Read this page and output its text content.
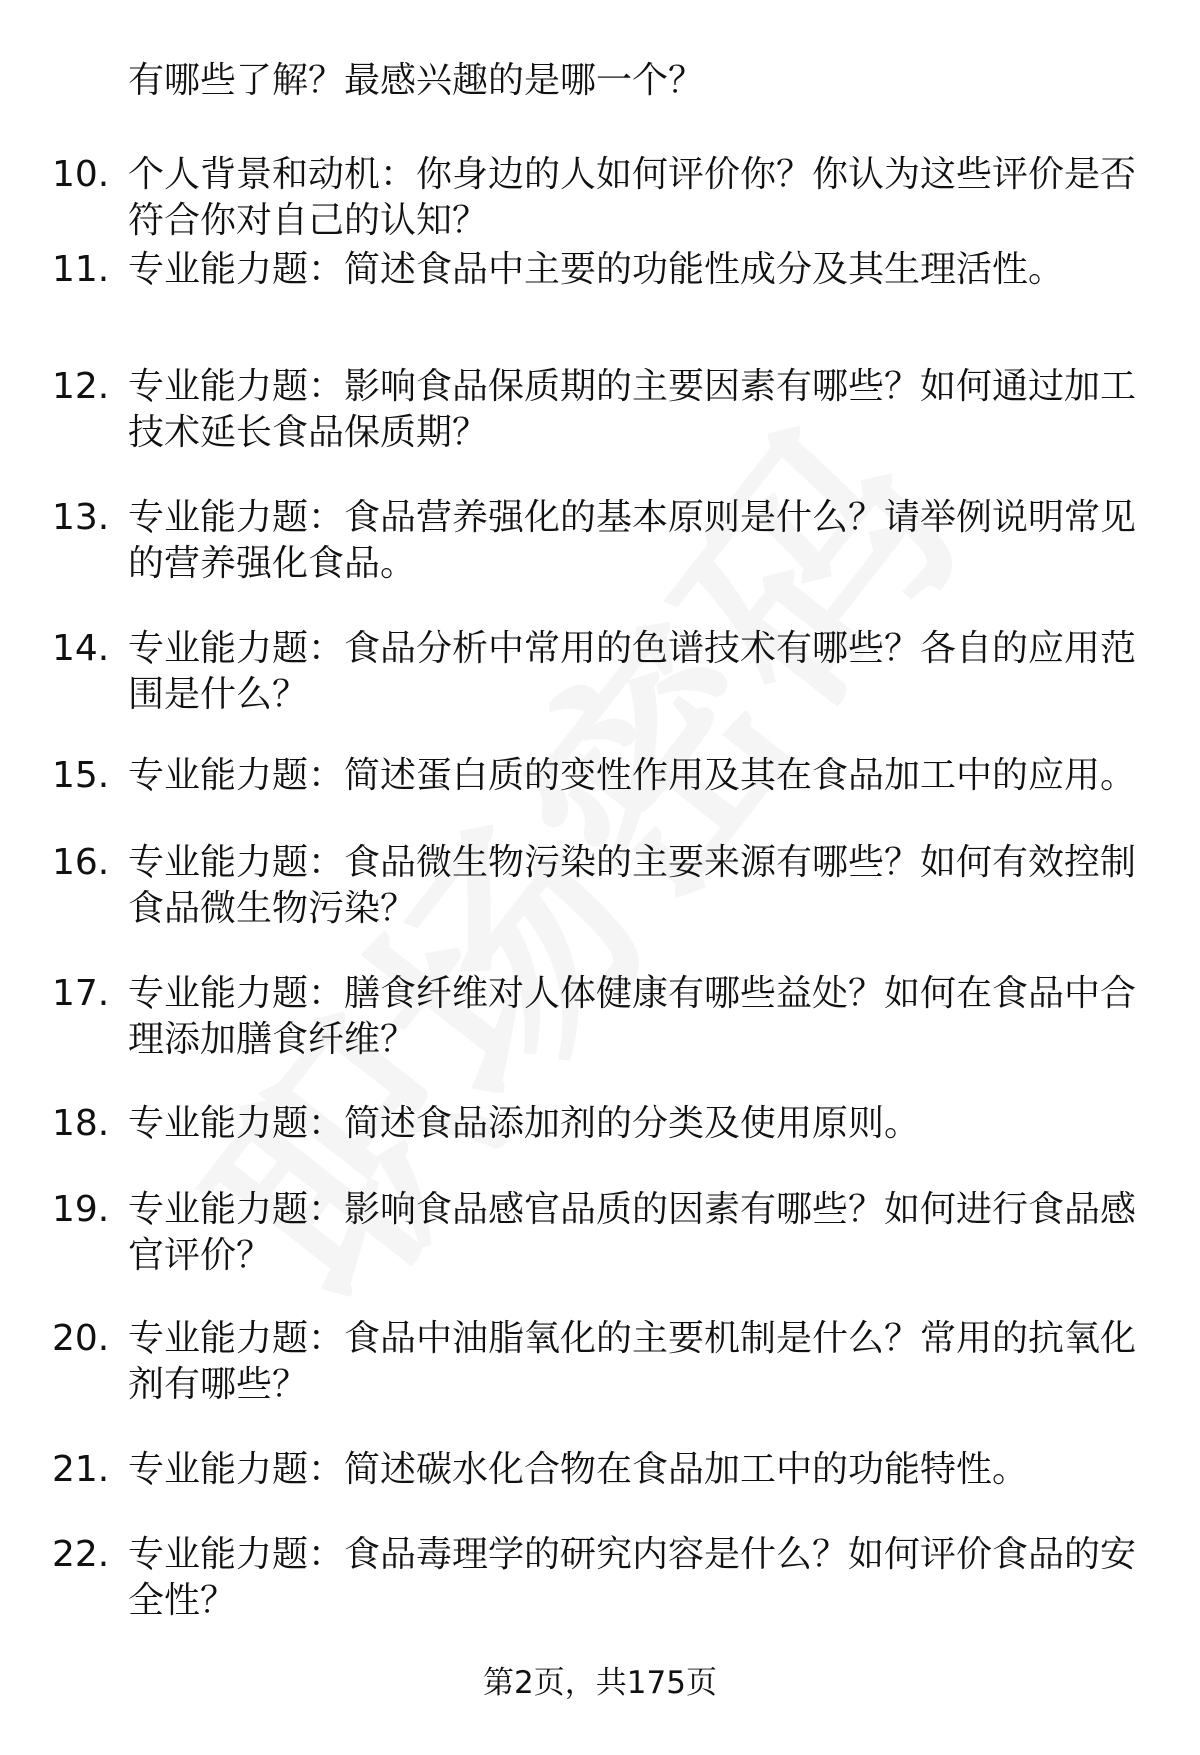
有哪些了解？最感兴趣的是哪一个？
10. 个人背景和动机：你身边的人如何评价你？你认为这些评价是否符合你对自己的认知？
11. 专业能力题：简述食品中主要的功能性成分及其生理活性。
12. 专业能力题：影响食品保质期的主要因素有哪些？如何通过加工技术延长食品保质期？
13. 专业能力题：食品营养强化的基本原则是什么？请举例说明常见的营养强化食品。
14. 专业能力题：食品分析中常用的色谱技术有哪些？各自的应用范围是什么？
15. 专业能力题：简述蛋白质的变性作用及其在食品加工中的应用。
16. 专业能力题：食品微生物污染的主要来源有哪些？如何有效控制食品微生物污染？
17. 专业能力题：膳食纤维对人体健康有哪些益处？如何在食品中合理添加膳食纤维？
18. 专业能力题：简述食品添加剂的分类及使用原则。
19. 专业能力题：影响食品感官品质的因素有哪些？如何进行食品感官评价？
20. 专业能力题：食品中油脂氧化的主要机制是什么？常用的抗氧化剂有哪些？
21. 专业能力题：简述碳水化合物在食品加工中的功能特性。
22. 专业能力题：食品毒理学的研究内容是什么？如何评价食品的安全性？
第2页，共175页
